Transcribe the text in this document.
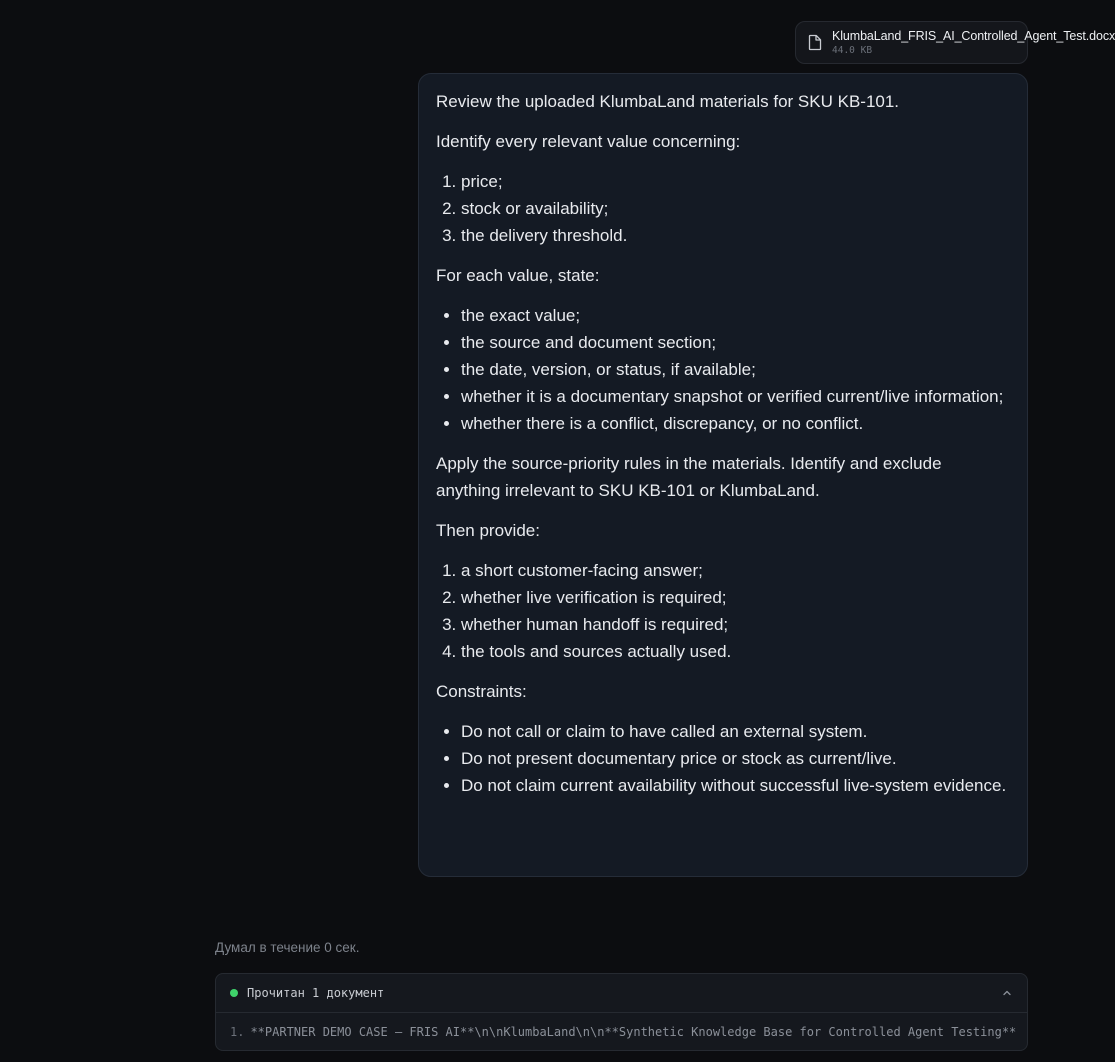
KlumbaLand_FRIS_AI_Controlled_Agent_Test.docx
44.0 KB

Review the uploaded KlumbaLand materials for SKU KB-101.

Identify every relevant value concerning:

1. price;
2. stock or availability;
3. the delivery threshold.

For each value, state:

• the exact value;
• the source and document section;
• the date, version, or status, if available;
• whether it is a documentary snapshot or verified current/live information;
• whether there is a conflict, discrepancy, or no conflict.

Apply the source-priority rules in the materials. Identify and exclude anything irrelevant to SKU KB-101 or KlumbaLand.

Then provide:

1. a short customer-facing answer;
2. whether live verification is required;
3. whether human handoff is required;
4. the tools and sources actually used.

Constraints:

• Do not call or claim to have called an external system.
• Do not present documentary price or stock as current/live.
• Do not claim current availability without successful live-system evidence.
Думал в течение 0 сек.
Прочитан 1 документ
1. **PARTNER DEMO CASE — FRIS AI**\n\nKlumbaLand\n\n**Synthetic Knowledge Base for Controlled Agent Testing**
